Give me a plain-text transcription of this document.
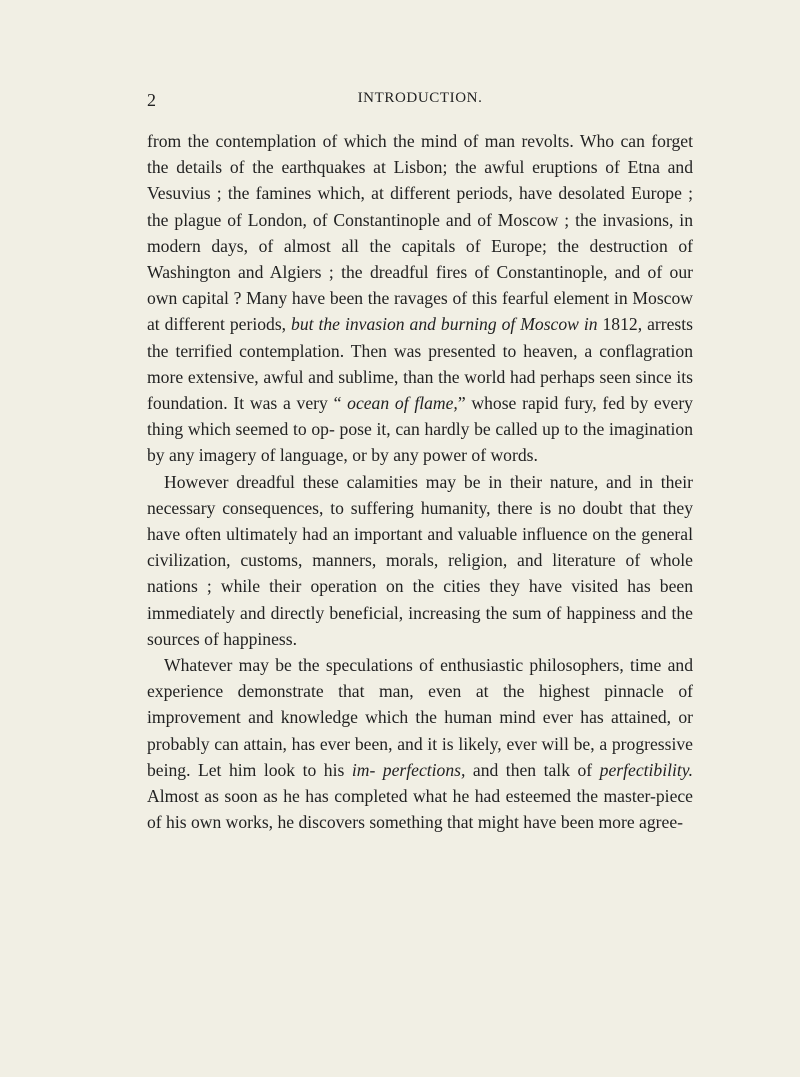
2	INTRODUCTION.

from the contemplation of which the mind of man revolts. Who can forget the details of the earthquakes at Lisbon; the awful eruptions of Etna and Vesuvius ; the famines which, at different periods, have desolated Europe ; the plague of London, of Constantinople and of Moscow ; the invasions, in modern days, of almost all the capitals of Europe; the destruction of Washington and Algiers ; the dreadful fires of Constantinople, and of our own capital ? Many have been the ravages of this fearful element in Moscow at different periods, but the invasion and burning of Moscow in 1812, arrests the terrified contemplation. Then was presented to heaven, a conflagration more extensive, awful and sublime, than the world had perhaps seen since its foundation. It was a very “ ocean of flame,” whose rapid fury, fed by every thing which seemed to op- pose it, can hardly be called up to the imagination by any imagery of language, or by any power of words.

However dreadful these calamities may be in their nature, and in their necessary consequences, to suffering humanity, there is no doubt that they have often ultimately had an important and valuable influence on the general civilization, customs, manners, morals, religion, and literature of whole nations ; while their operation on the cities they have visited has been immediately and directly beneficial, increasing the sum of happiness and the sources of happiness.

Whatever may be the speculations of enthusiastic philosophers, time and experience demonstrate that man, even at the highest pinnacle of improvement and knowledge which the human mind ever has attained, or probably can attain, has ever been, and it is likely, ever will be, a progressive being. Let him look to his im- perfections, and then talk of perfectibility. Almost as soon as he has completed what he had esteemed the master-piece of his own works, he discovers something that might have been more agree-
